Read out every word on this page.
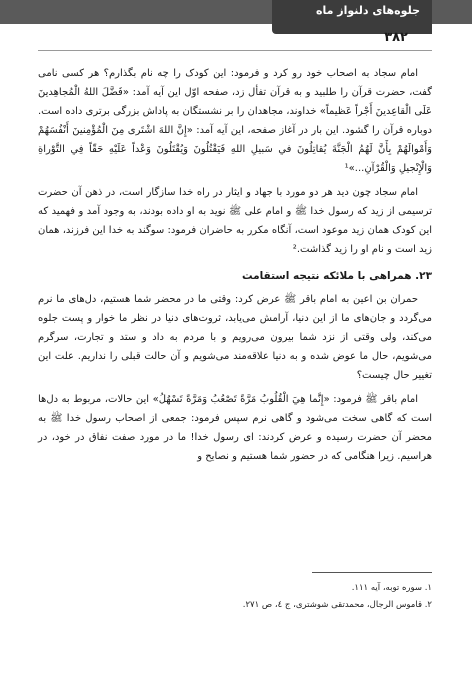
جلوه‌های دلنواز ماه
۳۸۲

امام سجاد به اصحاب خود رو کرد و فرمود: این کودک را چه نام بگذارم؟ هر کسی نامی گفت، حضرت قرآن را طلبید و به قرآن تفأل زد، صفحه اوّل این آیه آمد: «فَضَّلَ اللهُ الْمُجاهِدينَ عَلَى الْقاعِدينَ أَجْراً عَظيماً» خداوند، مجاهدان را بر نشستگان به پاداش بزرگی برتری داده است. دوباره قرآن را گشود. این بار در آغاز صفحه، این آیه آمد: «إِنَّ اللهَ اشْتَرى مِنَ الْمُؤْمِنينَ أَنْفُسَهُمْ وَأَمْوالَهُمْ بِأَنَّ لَهُمُ الْجَنَّةَ يُقاتِلُونَ في سَبيلِ اللهِ فَيَقْتُلُونَ وَيُقْتَلُونَ وَعْداً عَلَيْهِ حَقّاً فِي التَّوْراةِ وَالْإِنْجيلِ وَالْقُرْآنِ...»¹

امام سجاد چون دید هر دو مورد با جهاد و ایثار در راه خدا سازگار است، در ذهن آن حضرت ترسیمی از زید که رسول خدا ﷺ و امام علی ﷺ نوید به او داده بودند، به وجود آمد و فهمید که این کودک همان زید موعود است، آنگاه مکرر به حاضران فرمود: سوگند به خدا این فرزند، همان زید است و نام او را زید گذاشت.²

۲۳. همراهی با ملائکه نتیجه استقامت

حمران بن اعین به امام باقر ﷺ عرض کرد: وقتی ما در محضر شما هستیم، دل‌های ما نرم می‌گردد و جان‌های ما از این دنیا، آرامش می‌یابد، ثروت‌های دنیا در نظر ما خوار و پست جلوه می‌کند، ولی وقتی از نزد شما بیرون می‌رویم و با مردم به داد و ستد و تجارت، سرگرم می‌شویم، حال ما عوض شده و به دنیا علاقه‌مند می‌شویم و آن حالت قبلی را نداریم. علت این تغییر حال چیست؟

امام باقر ﷺ فرمود: «إِنَّما هِيَ الْقُلُوبُ مَرَّةً تَصْعُبُ وَمَرَّةً تَسْهُلُ» این حالات، مربوط به دل‌ها است که گاهی سخت می‌شود و گاهی نرم سپس فرمود: جمعی از اصحاب رسول خدا ﷺ به محضر آن حضرت رسیده و عرض کردند: ای رسول خدا! ما در مورد صفت نفاق در خود، در هراسیم. زیرا هنگامی که در حضور شما هستیم و نصایح و

۱. سوره توبه، آیه ۱۱۱.
۲. قاموس الرجال، محمدتقی شوشتری، ج ٤، ص ٢٧١.
